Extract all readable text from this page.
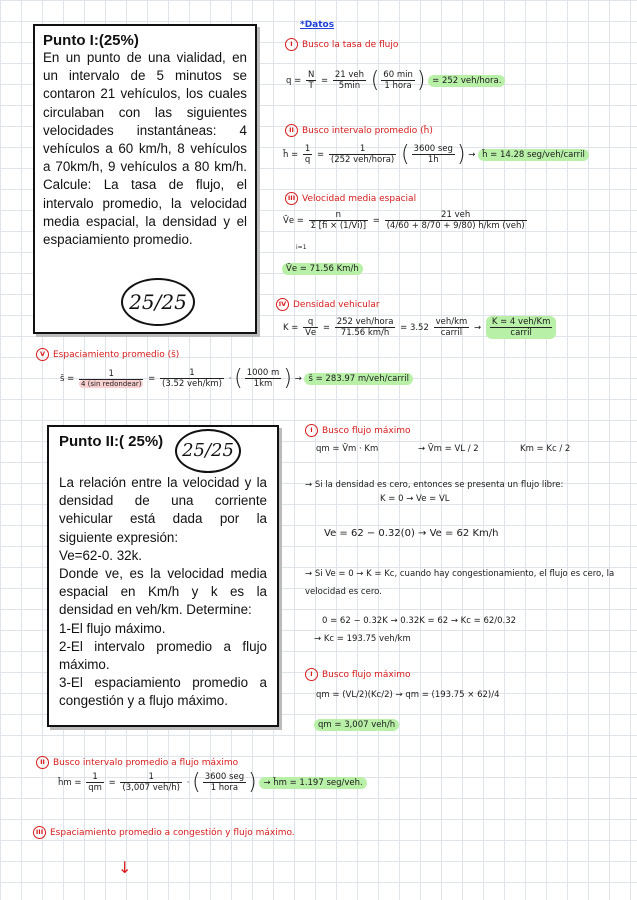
Punto I:(25%)
En un punto de una vialidad, en un intervalo de 5 minutos se contaron 21 vehículos, los cuales circulaban con las siguientes velocidades instantáneas: 4 vehículos a 60 km/h, 8 vehículos a 70km/h, 9 vehículos a 80 km/h. Calcule: La tasa de flujo, el intervalo promedio, la velocidad media espacial, la densidad y el espaciamiento promedio.
25/25
*Datos
I Busco la tasa de flujo
$q = \frac{N}{T} = \frac{\text{21 veh}}{5\min}$ ( $\frac{60 \min}{\text{1 hora}}$ ) = 252 veh/hora.
II Busco intervalo promedio (h̄)
h̄ = $\frac{1}{q} = \frac{1}{\text{(252 veh/hora)}}$ ( $\frac{\text{3600 seg}}{1h}$ ) → h̄ = 14.28 seg/veh/carril
III Velocidad media espacial
V̄e = $\frac{n}{\Sigma [fi \times (1/Vi)]} = \frac{\text{21 veh}}{\text{(4/60 + 8/70 + 9/80) h/km (veh)}}$
i=1
V̄e = 71.56 Km/h
IV Densidad vehicular
$K = \frac{q}{V̄e} = \frac{\text{252 veh/hora}}{71.56 km/h} = 3.52 \frac{\text{veh/km}}{\text{carril}} \to \frac{\text{K = 4 veh/Km}}{\text{carril}}$
V Espaciamiento promedio (s̄)
s̄ = $\frac{1}{\text{4 (sin redondear)}} = \frac{1}{\text{(3.52 veh/km)}}$ · ( $\frac{1000 m}{1km}$ ) → s̄ = 283.97 m/veh/carril
Punto II:( 25%)
La relación entre la velocidad y la densidad de una corriente vehicular está dada por la siguiente expresión:
Ve=62-0. 32k.
Donde ve, es la velocidad media espacial en Km/h y k es la densidad en veh/km. Determine:
1-El flujo máximo.
2-El intervalo promedio a flujo máximo.
3-El espaciamiento promedio a congestión y a flujo máximo.
25/25
I Busco flujo máximo
qm = V̄m · Km	→ V̄m = VL / 2	Km = Kc / 2
→ Si la densidad es cero, entonces se presenta un flujo libre:
K = 0 → Ve = VL
Ve = 62 − 0.32(0) → Ve = 62 Km/h
→ Si Ve = 0 → K = Kc, cuando hay congestionamiento, el flujo es cero, la velocidad es cero.
0 = 62 − 0.32K → 0.32K = 62 → Kc = 62/0.32
→ Kc = 193.75 veh/km
I Busco flujo máximo
qm = (VL/2)(Kc/2) → qm = (193.75 × 62)/4
qm = 3,007 veh/h
II Busco intervalo promedio a flujo máximo
h̄m = $\frac{1}{qm} = \frac{1}{\text{(3,007 veh/h)}}$ · ( $\frac{\text{3600 seg}}{\text{1 hora}}$ ) → h̄m = 1.197 seg/veh.
III Espaciamiento promedio a congestión y flujo máximo.
↓
